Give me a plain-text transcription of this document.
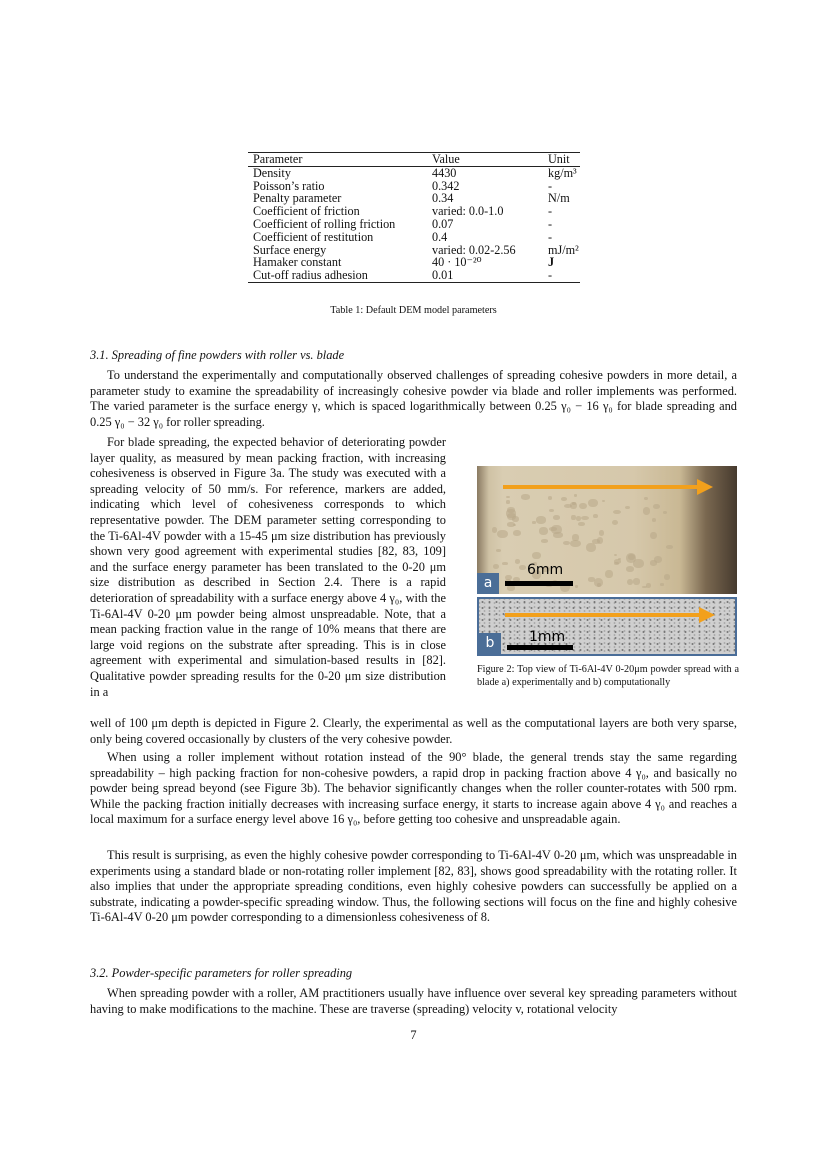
Parameter	Value	Unit
Density	4430	kg/m³
Poisson’s ratio	0.342	-
Penalty parameter	0.34	N/m
Coefficient of friction	varied: 0.0-1.0	-
Coefficient of rolling friction	0.07	-
Coefficient of restitution	0.4	-
Surface energy	varied: 0.02-2.56	mJ/m²
Hamaker constant	40 · 10⁻²⁰	J
Cut-off radius adhesion	0.01	-
Table 1: Default DEM model parameters
3.1. Spreading of fine powders with roller vs. blade
To understand the experimentally and computationally observed challenges of spreading cohesive powders in more detail, a parameter study to examine the spreadability of increasingly cohesive powder via blade and roller implements was performed. The varied parameter is the surface energy γ, which is spaced logarithmically between 0.25 γ₀ − 16 γ₀ for blade spreading and 0.25 γ₀ − 32 γ₀ for roller spreading.
For blade spreading, the expected behavior of deteriorating powder layer quality, as measured by mean packing fraction, with increasing cohesiveness is observed in Figure 3a. The study was executed with a spreading velocity of 50 mm/s. For reference, markers are added, indicating which level of cohesiveness corresponds to which representative powder. The DEM parameter setting corresponding to the Ti-6Al-4V powder with a 15-45 μm size distribution has previously shown very good agreement with experimental studies [82, 83, 109] and the surface energy parameter has been translated to the 0-20 μm size distribution as described in Section 2.4. There is a rapid deterioration of spreadability with a surface energy above 4 γ₀, with the Ti-6Al-4V 0-20 μm powder being almost unspreadable. Note, that a mean packing fraction value in the range of 10% means that there are large void regions on the substrate after spreading. This is in close agreement with experimental and simulation-based results in [82]. Qualitative powder spreading results for the 0-20 μm size distribution in a
well of 100 μm depth is depicted in Figure 2. Clearly, the experimental as well as the computational layers are both very sparse, only being covered occasionally by clusters of the very cohesive powder.
When using a roller implement without rotation instead of the 90° blade, the general trends stay the same regarding spreadability – high packing fraction for non-cohesive powders, a rapid drop in packing fraction above 4 γ₀, and basically no powder being spread beyond (see Figure 3b). The behavior significantly changes when the roller counter-rotates with 500 rpm. While the packing fraction initially decreases with increasing surface energy, it starts to increase again above 4 γ₀ and reaches a local maximum for a surface energy level above 16 γ₀, before getting too cohesive and unspreadable again.
This result is surprising, as even the highly cohesive powder corresponding to Ti-6Al-4V 0-20 μm, which was unspreadable in experiments using a standard blade or non-rotating roller implement [82, 83], shows good spreadability with the rotating roller. It also implies that under the appropriate spreading conditions, even highly cohesive powders can successfully be applied on a substrate, indicating a powder-specific spreading window. Thus, the following sections will focus on the fine and highly cohesive Ti-6Al-4V 0-20 μm powder corresponding to a dimensionless cohesiveness of 8.
3.2. Powder-specific parameters for roller spreading
When spreading powder with a roller, AM practitioners usually have influence over several key spreading parameters without having to make modifications to the machine. These are traverse (spreading) velocity v, rotational velocity
a
6mm
b	1mm
Figure 2: Top view of Ti-6Al-4V 0-20μm powder spread with a blade a) experimentally and b) computationally
7
